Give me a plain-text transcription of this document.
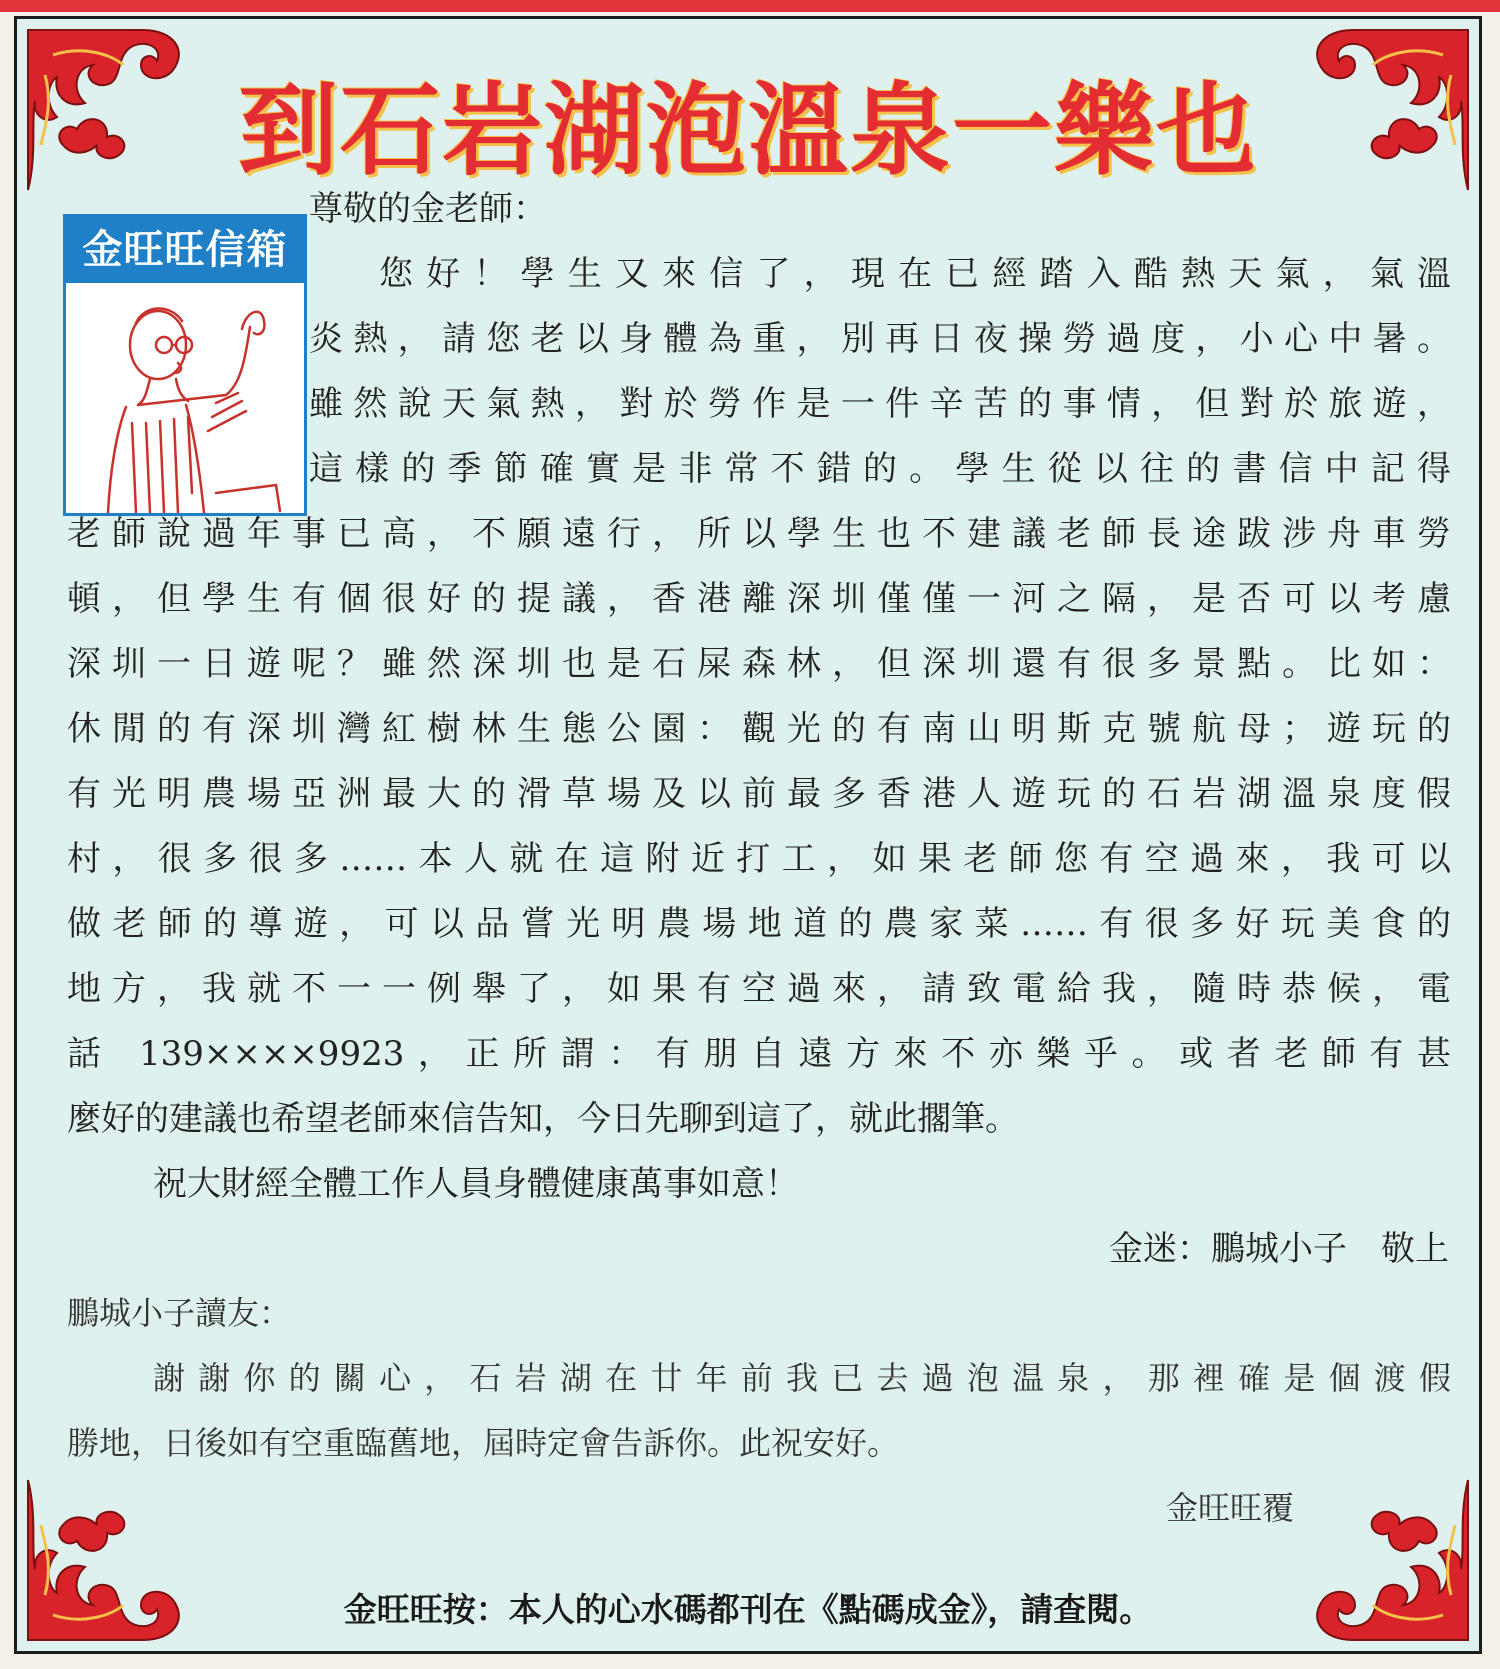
到石岩湖泡溫泉一樂也
金旺旺信箱

尊敬的金老師：

您好！學生又來信了，現在已經踏入酷熱天氣，氣溫

炎熱，請您老以身體為重，別再日夜操勞過度，小心中暑。

雖然說天氣熱，對於勞作是一件辛苦的事情，但對於旅遊，

這樣的季節確實是非常不錯的。學生從以往的書信中記得

老師說過年事已高，不願遠行，所以學生也不建議老師長途跋涉舟車勞

頓，但學生有個很好的提議，香港離深圳僅僅一河之隔，是否可以考慮

深圳一日遊呢？雖然深圳也是石屎森林，但深圳還有很多景點。比如：

休閒的有深圳灣紅樹林生態公園：觀光的有南山明斯克號航母；遊玩的

有光明農場亞洲最大的滑草場及以前最多香港人遊玩的石岩湖溫泉度假

村，很多很多……本人就在這附近打工，如果老師您有空過來，我可以

做老師的導遊，可以品嘗光明農場地道的農家菜……有很多好玩美食的

地方，我就不一一例舉了，如果有空過來，請致電給我，隨時恭候，電

話 139××××9923，正所謂：有朋自遠方來不亦樂乎。或者老師有甚

麼好的建議也希望老師來信告知，今日先聊到這了，就此擱筆。

祝大財經全體工作人員身體健康萬事如意！

金迷：鵬城小子　敬上

鵬城小子讀友：

謝謝你的關心，石岩湖在廿年前我已去過泡温泉，那裡確是個渡假

勝地，日後如有空重臨舊地，屆時定會告訴你。此祝安好。

金旺旺覆

金旺旺按：本人的心水碼都刊在《點碼成金》，請查閱。
